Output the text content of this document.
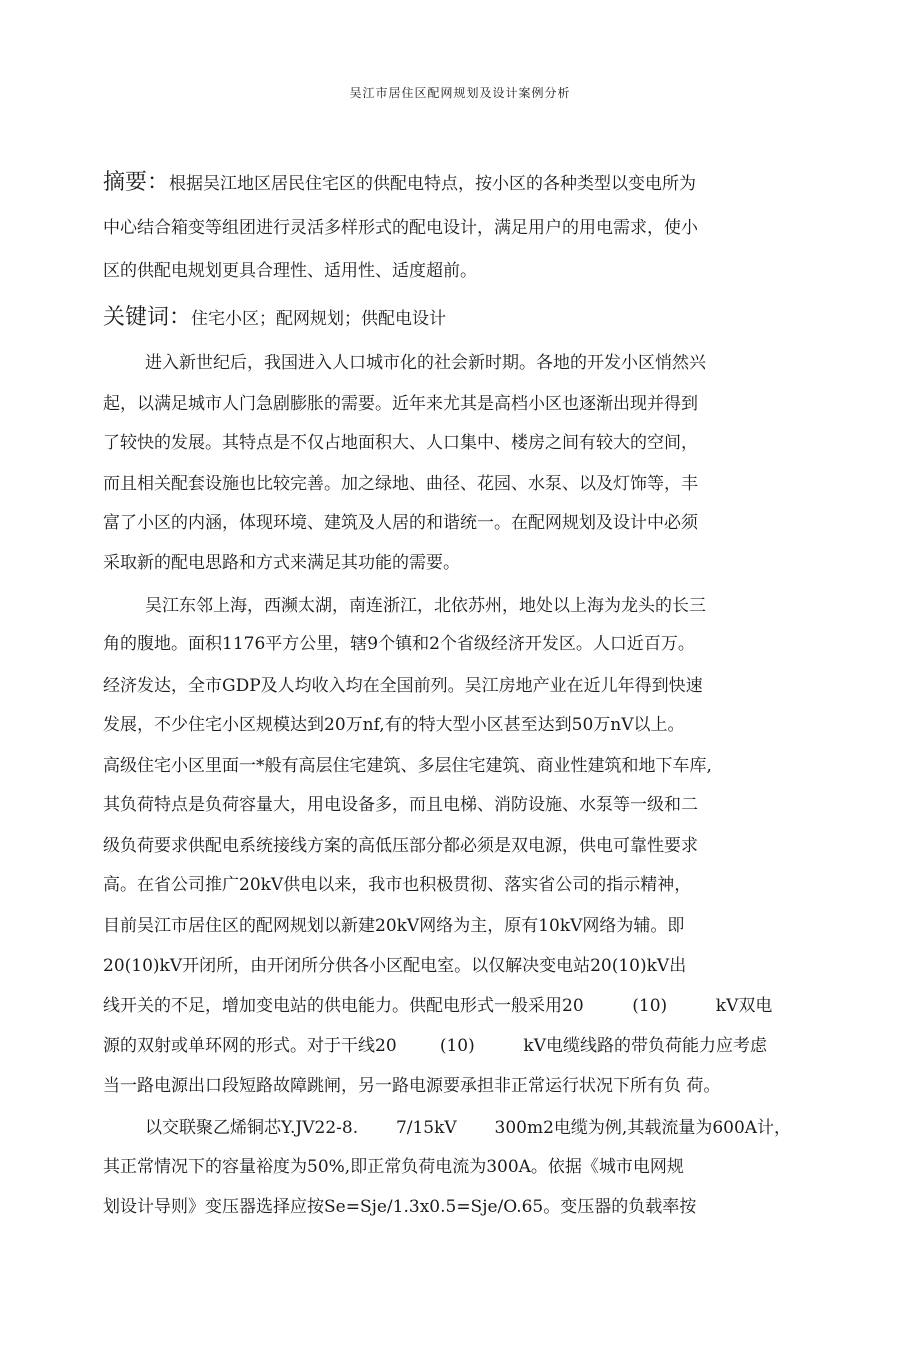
吴江市居住区配网规划及设计案例分析
摘要：根据吴江地区居民住宅区的供配电特点，按小区的各种类型以变电所为
中心结合箱变等组团进行灵活多样形式的配电设计，满足用户的用电需求，使小
区的供配电规划更具合理性、适用性、适度超前。
关键词：住宅小区；配网规划；供配电设计
进入新世纪后，我国进入人口城市化的社会新时期。各地的开发小区悄然兴
起，以满足城市人门急剧膨胀的需要。近年来尤其是高档小区也逐渐出现并得到
了较快的发展。其特点是不仅占地面积大、人口集中、楼房之间有较大的空间，
而且相关配套设施也比较完善。加之绿地、曲径、花园、水泵、以及灯饰等，丰
富了小区的内涵，体现环境、建筑及人居的和谐统一。在配网规划及设计中必须
采取新的配电思路和方式来满足其功能的需要。
吴江东邻上海，西濒太湖，南连浙江，北依苏州，地处以上海为龙头的长三
角的腹地。面积1176平方公里，辖9个镇和2个省级经济开发区。人口近百万。
经济发达，全市GDP及人均收入均在全国前列。吴江房地产业在近儿年得到快速
发展，不少住宅小区规模达到20万nf,有的特大型小区甚至达到50万nV以上。
高级住宅小区里面一*般有高层住宅建筑、多层住宅建筑、商业性建筑和地下车库,
其负荷特点是负荷容量大，用电设备多，而且电梯、消防设施、水泵等一级和二
级负荷要求供配电系统接线方案的高低压部分都必须是双电源，供电可靠性要求
高。在省公司推广20kV供电以来，我市也积极贯彻、落实省公司的指示精神，
目前吴江市居住区的配网规划以新建20kV网络为主，原有10kV网络为辅。即
20(10)kV开闭所，由开闭所分供各小区配电室。以仅解决变电站20(10)kV出
线开关的不足，增加变电站的供电能力。供配电形式一般采用20         (10)         kV双电
源的双射或单环网的形式。对于干线20        (10)         kV电缆线路的带负荷能力应考虑
当一路电源出口段短路故障跳闸，另一路电源要承担非正常运行状况下所有负 荷。
以交联聚乙烯铜芯Y.JV22-8.       7/15kV       300m2电缆为例,其载流量为600A计，
其正常情况下的容量裕度为50%,即正常负荷电流为300A。依据《城市电网规
划设计导则》变压器选择应按Se=Sje/1.3x0.5=Sje/O.65。变压器的负载率按
